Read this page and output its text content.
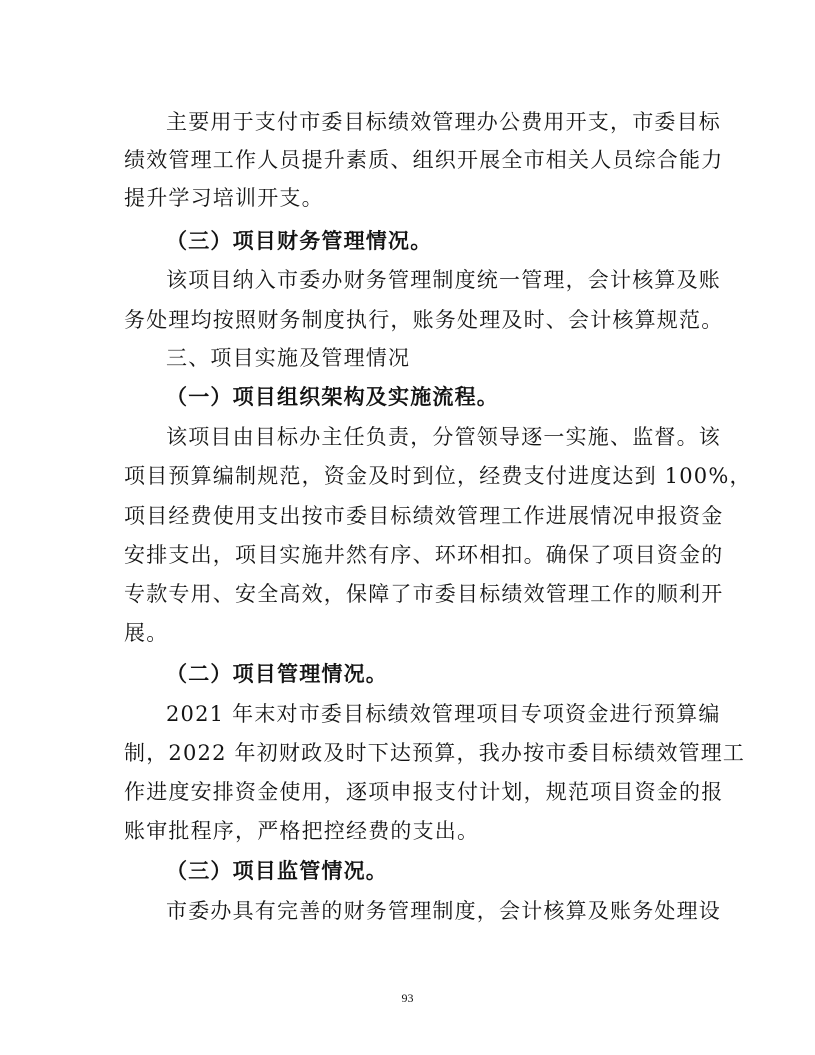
主要用于支付市委目标绩效管理办公费用开支，市委目标
绩效管理工作人员提升素质、组织开展全市相关人员综合能力
提升学习培训开支。
（三）项目财务管理情况。
该项目纳入市委办财务管理制度统一管理，会计核算及账
务处理均按照财务制度执行，账务处理及时、会计核算规范。
三、项目实施及管理情况
（一）项目组织架构及实施流程。
该项目由目标办主任负责，分管领导逐一实施、监督。该
项目预算编制规范，资金及时到位，经费支付进度达到 100%，
项目经费使用支出按市委目标绩效管理工作进展情况申报资金
安排支出，项目实施井然有序、环环相扣。确保了项目资金的
专款专用、安全高效，保障了市委目标绩效管理工作的顺利开
展。
（二）项目管理情况。
2021 年末对市委目标绩效管理项目专项资金进行预算编
制，2022 年初财政及时下达预算，我办按市委目标绩效管理工
作进度安排资金使用，逐项申报支付计划，规范项目资金的报
账审批程序，严格把控经费的支出。
（三）项目监管情况。
市委办具有完善的财务管理制度，会计核算及账务处理设
93
